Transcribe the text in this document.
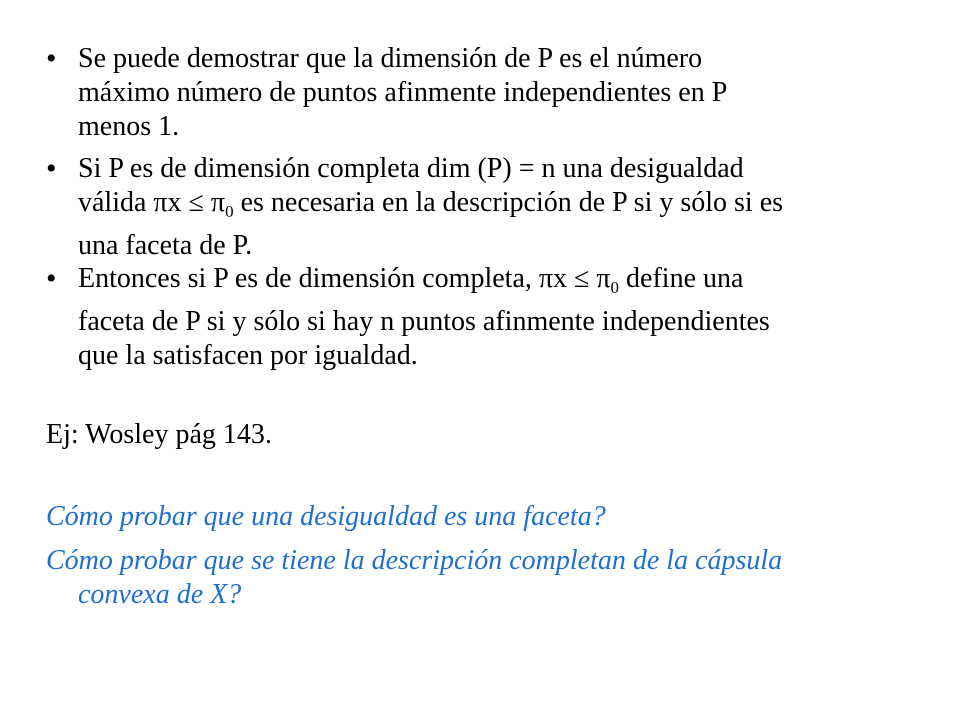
• Se puede demostrar que la dimensión de P es el número
máximo número de puntos afinmente independientes en P
menos 1.
• Si P es de dimensión completa dim (P) = n una desigualdad
válida $\pi x \le \pi_0$ es necesaria en la descripción de P si y sólo si es
una faceta de P.
• Entonces si P es de dimensión completa, $\pi x \le \pi_0$ define una
faceta de P si y sólo si hay n puntos afinmente independientes
que la satisfacen por igualdad.
Ej: Wosley pág 143.
Cómo probar que una desigualdad es una faceta?
Cómo probar que se tiene la descripción completan de la cápsula
convexa de X?
